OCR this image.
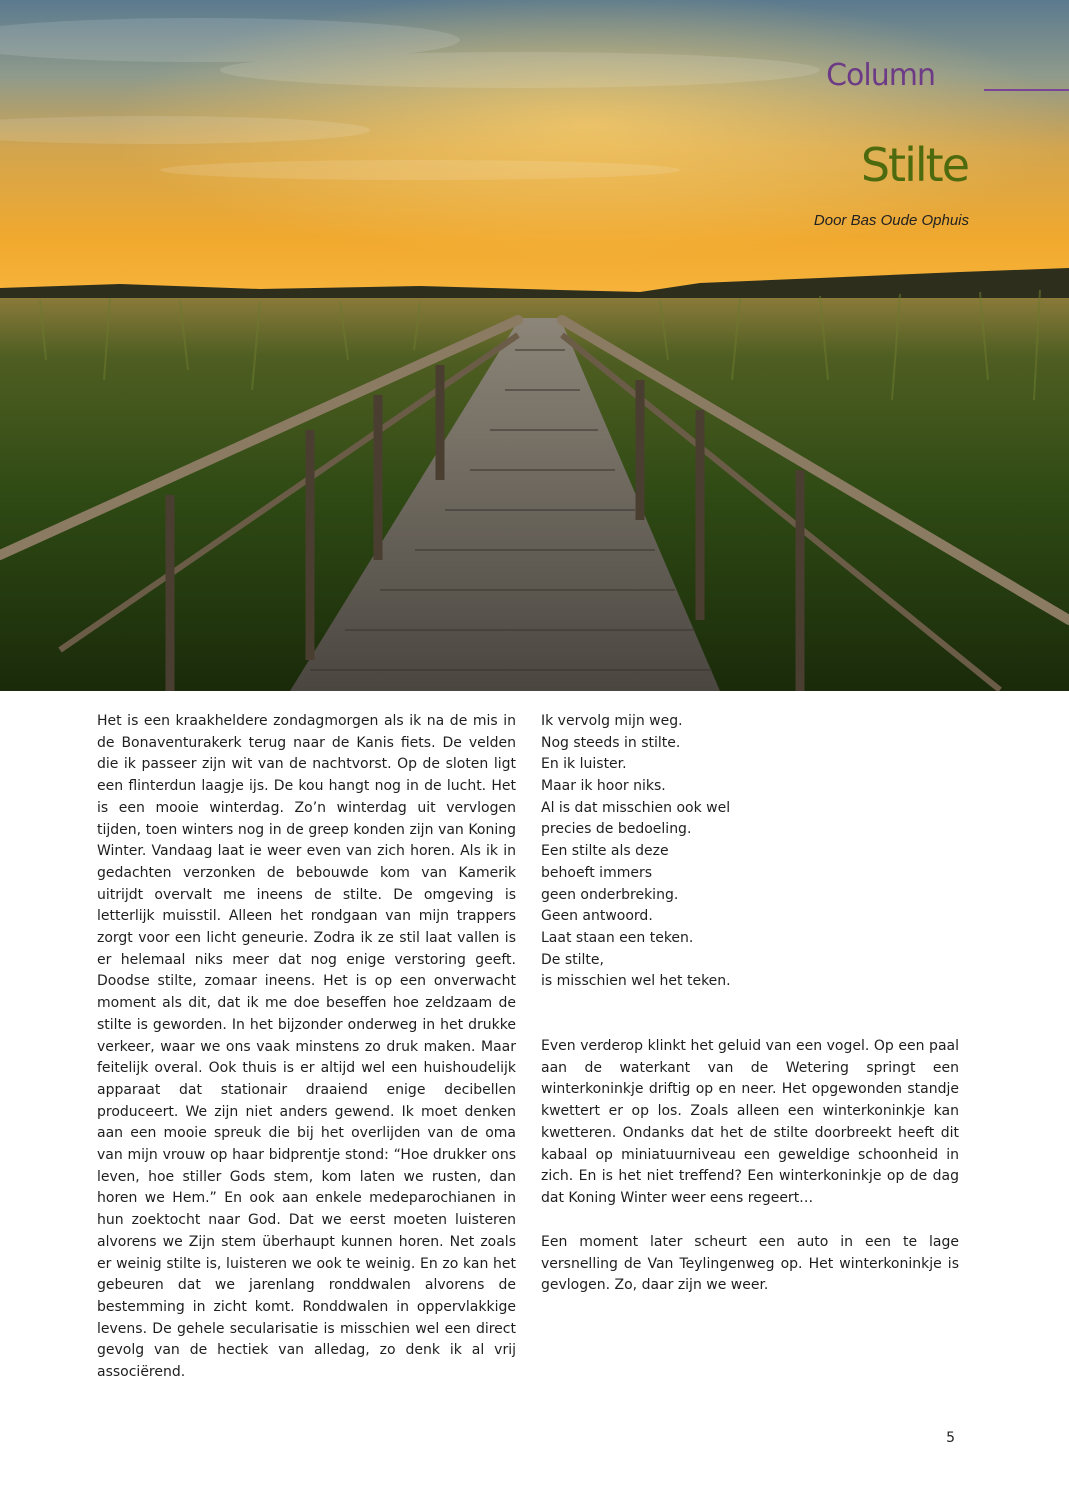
Column
Stilte
Door Bas Oude Ophuis
Het is een kraakheldere zondagmorgen als ik na de mis in de Bonaventurakerk terug naar de Kanis fiets. De velden die ik passeer zijn wit van de nachtvorst. Op de sloten ligt een flinterdun laagje ijs. De kou hangt nog in de lucht. Het is een mooie winterdag. Zo’n winterdag uit vervlogen tijden, toen winters nog in de greep konden zijn van Koning Winter. Vandaag laat ie weer even van zich horen. Als ik in gedachten verzonken de bebouwde kom van Kamerik uitrijdt overvalt me ineens de stilte. De omgeving is letterlijk muisstil. Alleen het rondgaan van mijn trappers zorgt voor een licht geneurie. Zodra ik ze stil laat vallen is er helemaal niks meer dat nog enige verstoring geeft. Doodse stilte, zomaar ineens. Het is op een onverwacht moment als dit, dat ik me doe beseffen hoe zeldzaam de stilte is geworden. In het bijzonder onderweg in het drukke verkeer, waar we ons vaak minstens zo druk maken. Maar feitelijk overal. Ook thuis is er altijd wel een huishoudelijk apparaat dat stationair draaiend enige decibellen produceert. We zijn niet anders gewend. Ik moet denken aan een mooie spreuk die bij het overlijden van de oma van mijn vrouw op haar bidprentje stond: “Hoe drukker ons leven, hoe stiller Gods stem, kom laten we rusten, dan horen we Hem.” En ook aan enkele medeparochianen in hun zoektocht naar God. Dat we eerst moeten luisteren alvorens we Zijn stem überhaupt kunnen horen. Net zoals er weinig stilte is, luisteren we ook te weinig. En zo kan het gebeuren dat we jarenlang ronddwalen alvorens de bestemming in zicht komt. Ronddwalen in oppervlakkige levens. De gehele secularisatie is misschien wel een direct gevolg van de hectiek van alledag, zo denk ik al vrij associërend.
Ik vervolg mijn weg.
Nog steeds in stilte.
En ik luister.
Maar ik hoor niks.
Al is dat misschien ook wel
precies de bedoeling.
Een stilte als deze
behoeft immers
geen onderbreking.
Geen antwoord.
Laat staan een teken.
De stilte,
is misschien wel het teken.
Even verderop klinkt het geluid van een vogel. Op een paal aan de waterkant van de Wetering springt een winterkoninkje driftig op en neer. Het opgewonden standje kwettert er op los. Zoals alleen een winterkoninkje kan kwetteren. Ondanks dat het de stilte doorbreekt heeft dit kabaal op miniatuurniveau een geweldige schoonheid in zich. En is het niet treffend? Een winterkoninkje op de dag dat Koning Winter weer eens regeert…
Een moment later scheurt een auto in een te lage versnelling de Van Teylingenweg op. Het winterkoninkje is gevlogen. Zo, daar zijn we weer.
5
